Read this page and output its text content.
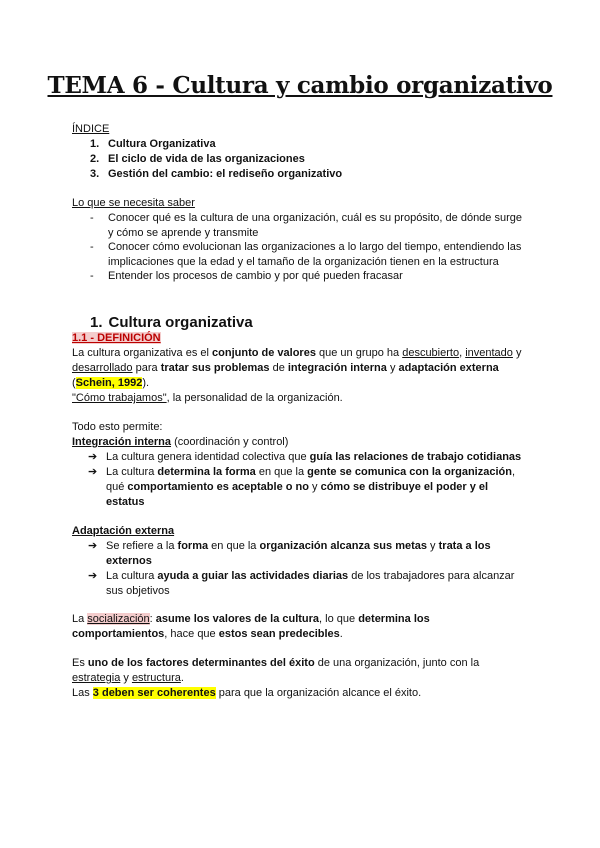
TEMA 6 - Cultura y cambio organizativo
ÍNDICE
1. Cultura Organizativa
2. El ciclo de vida de las organizaciones
3. Gestión del cambio: el rediseño organizativo
Lo que se necesita saber
- Conocer qué es la cultura de una organización, cuál es su propósito, de dónde surge
y cómo se aprende y transmite
- Conocer cómo evolucionan las organizaciones a lo largo del tiempo, entendiendo las
implicaciones que la edad y el tamaño de la organización tienen en la estructura
- Entender los procesos de cambio y por qué pueden fracasar
1. Cultura organizativa
1.1 - DEFINICIÓN
La cultura organizativa es el conjunto de valores que un grupo ha descubierto, inventado y
desarrollado para tratar sus problemas de integración interna y adaptación externa
(Schein, 1992).
"Cómo trabajamos", la personalidad de la organización.
Todo esto permite:
Integración interna (coordinación y control)
➔ La cultura genera identidad colectiva que guía las relaciones de trabajo cotidianas
➔ La cultura determina la forma en que la gente se comunica con la organización,
qué comportamiento es aceptable o no y cómo se distribuye el poder y el
estatus
Adaptación externa
➔ Se refiere a la forma en que la organización alcanza sus metas y trata a los
externos
➔ La cultura ayuda a guiar las actividades diarias de los trabajadores para alcanzar
sus objetivos
La socialización: asume los valores de la cultura, lo que determina los
comportamientos, hace que estos sean predecibles.
Es uno de los factores determinantes del éxito de una organización, junto con la
estrategia y estructura.
Las 3 deben ser coherentes para que la organización alcance el éxito.
